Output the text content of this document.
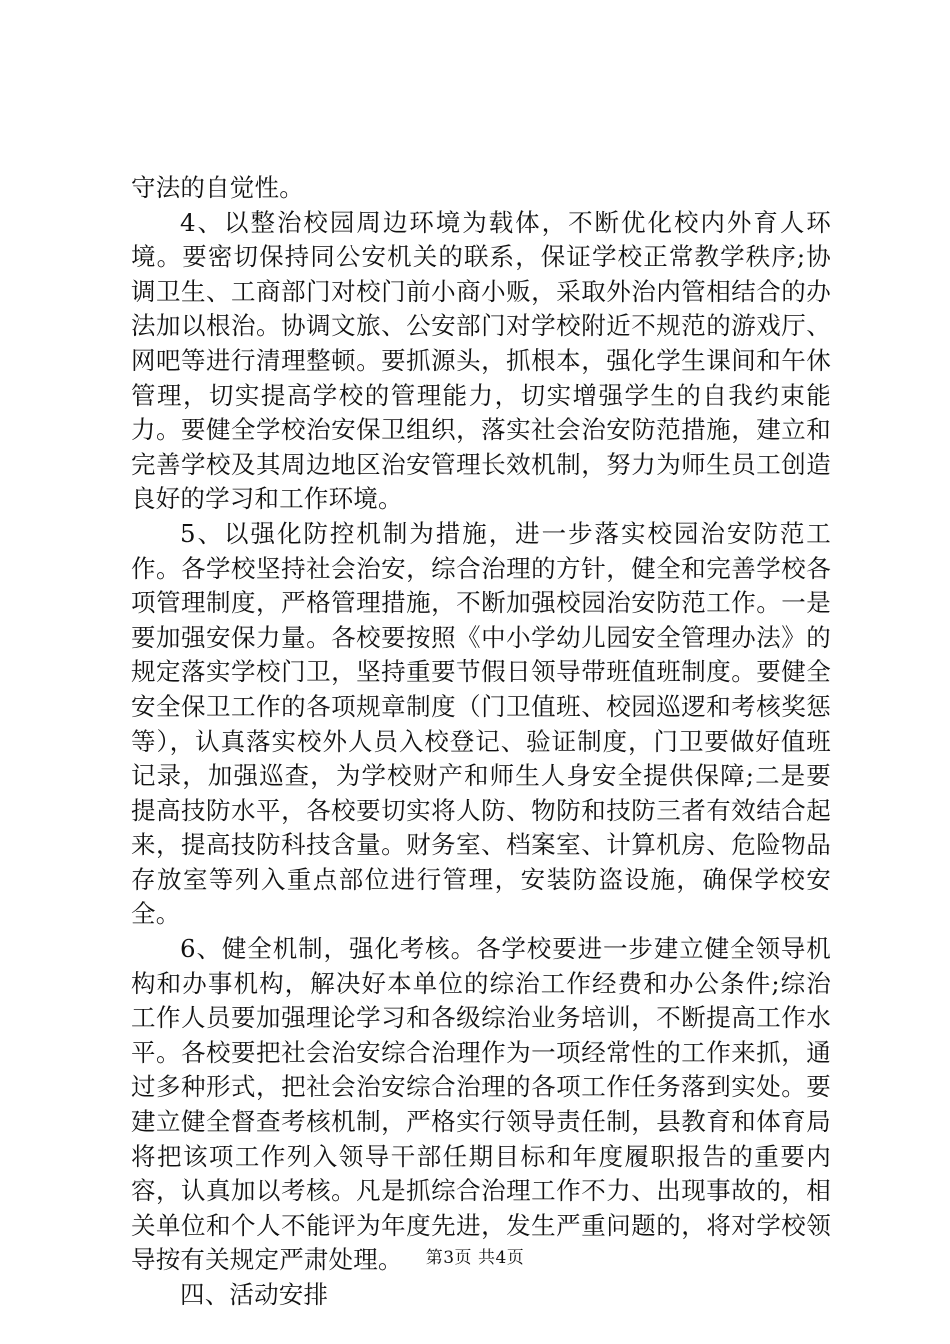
守法的自觉性。

4、以整治校园周边环境为载体，不断优化校内外育人环境。要密切保持同公安机关的联系，保证学校正常教学秩序;协调卫生、工商部门对校门前小商小贩，采取外治内管相结合的办法加以根治。协调文旅、公安部门对学校附近不规范的游戏厅、网吧等进行清理整顿。要抓源头，抓根本，强化学生课间和午休管理，切实提高学校的管理能力，切实增强学生的自我约束能力。要健全学校治安保卫组织，落实社会治安防范措施，建立和完善学校及其周边地区治安管理长效机制，努力为师生员工创造良好的学习和工作环境。

5、以强化防控机制为措施，进一步落实校园治安防范工作。各学校坚持社会治安，综合治理的方针，健全和完善学校各项管理制度，严格管理措施，不断加强校园治安防范工作。一是要加强安保力量。各校要按照《中小学幼儿园安全管理办法》的规定落实学校门卫，坚持重要节假日领导带班值班制度。要健全安全保卫工作的各项规章制度（门卫值班、校园巡逻和考核奖惩等），认真落实校外人员入校登记、验证制度，门卫要做好值班记录，加强巡查，为学校财产和师生人身安全提供保障;二是要提高技防水平，各校要切实将人防、物防和技防三者有效结合起来，提高技防科技含量。财务室、档案室、计算机房、危险物品存放室等列入重点部位进行管理，安装防盗设施，确保学校安全。

6、健全机制，强化考核。各学校要进一步建立健全领导机构和办事机构，解决好本单位的综治工作经费和办公条件;综治工作人员要加强理论学习和各级综治业务培训，不断提高工作水平。各校要把社会治安综合治理作为一项经常性的工作来抓，通过多种形式，把社会治安综合治理的各项工作任务落到实处。要建立健全督查考核机制，严格实行领导责任制，县教育和体育局将把该项工作列入领导干部任期目标和年度履职报告的重要内容，认真加以考核。凡是抓综合治理工作不力、出现事故的，相关单位和个人不能评为年度先进，发生严重问题的，将对学校领导按有关规定严肃处理。

四、活动安排

第3页 共4页
